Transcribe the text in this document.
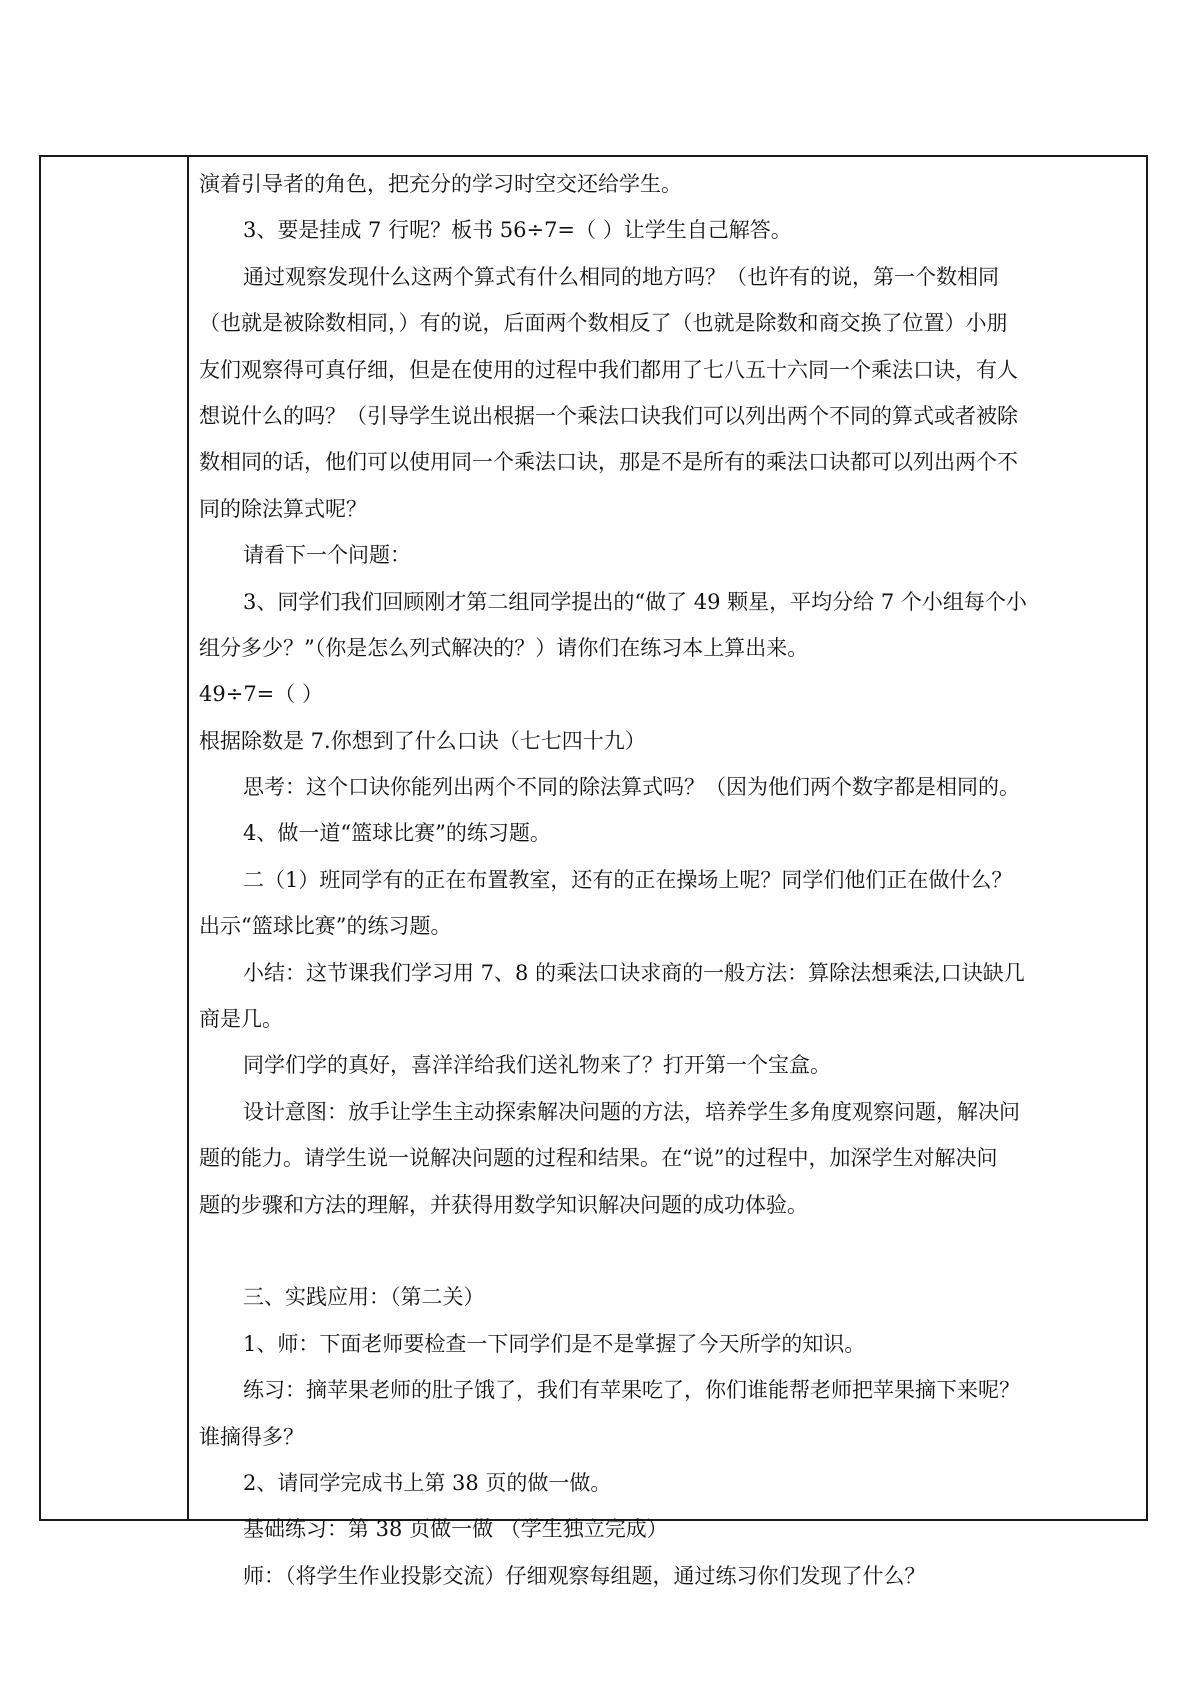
演着引导者的角色，把充分的学习时空交还给学生。
3、要是挂成 7 行呢？板书 56÷7=（ ）让学生自己解答。
通过观察发现什么这两个算式有什么相同的地方吗？（也许有的说，第一个数相同
（也就是被除数相同，）有的说，后面两个数相反了（也就是除数和商交换了位置）小朋
友们观察得可真仔细，但是在使用的过程中我们都用了七八五十六同一个乘法口诀，有人
想说什么的吗？（引导学生说出根据一个乘法口诀我们可以列出两个不同的算式或者被除
数相同的话，他们可以使用同一个乘法口诀，那是不是所有的乘法口诀都可以列出两个不
同的除法算式呢？
请看下一个问题：
3、同学们我们回顾刚才第二组同学提出的“做了 49 颗星，平均分给 7 个小组每个小
组分多少？”（你是怎么列式解决的？）请你们在练习本上算出来。
49÷7=（ ）
根据除数是 7.你想到了什么口诀（七七四十九）
思考：这个口诀你能列出两个不同的除法算式吗？（因为他们两个数字都是相同的。
4、做一道“篮球比赛”的练习题。
二（1）班同学有的正在布置教室，还有的正在操场上呢？同学们他们正在做什么？
出示“篮球比赛”的练习题。
小结：这节课我们学习用 7、8 的乘法口诀求商的一般方法：算除法想乘法,口诀缺几
商是几。
同学们学的真好，喜洋洋给我们送礼物来了？打开第一个宝盒。
设计意图：放手让学生主动探索解决问题的方法，培养学生多角度观察问题，解决问
题的能力。请学生说一说解决问题的过程和结果。在“说”的过程中，加深学生对解决问
题的步骤和方法的理解，并获得用数学知识解决问题的成功体验。
三、实践应用：（第二关）
1、师：下面老师要检查一下同学们是不是掌握了今天所学的知识。
练习：摘苹果老师的肚子饿了，我们有苹果吃了，你们谁能帮老师把苹果摘下来呢？
谁摘得多？
2、请同学完成书上第 38 页的做一做。
基础练习：第 38 页做一做 （学生独立完成）
师：（将学生作业投影交流）仔细观察每组题，通过练习你们发现了什么？
